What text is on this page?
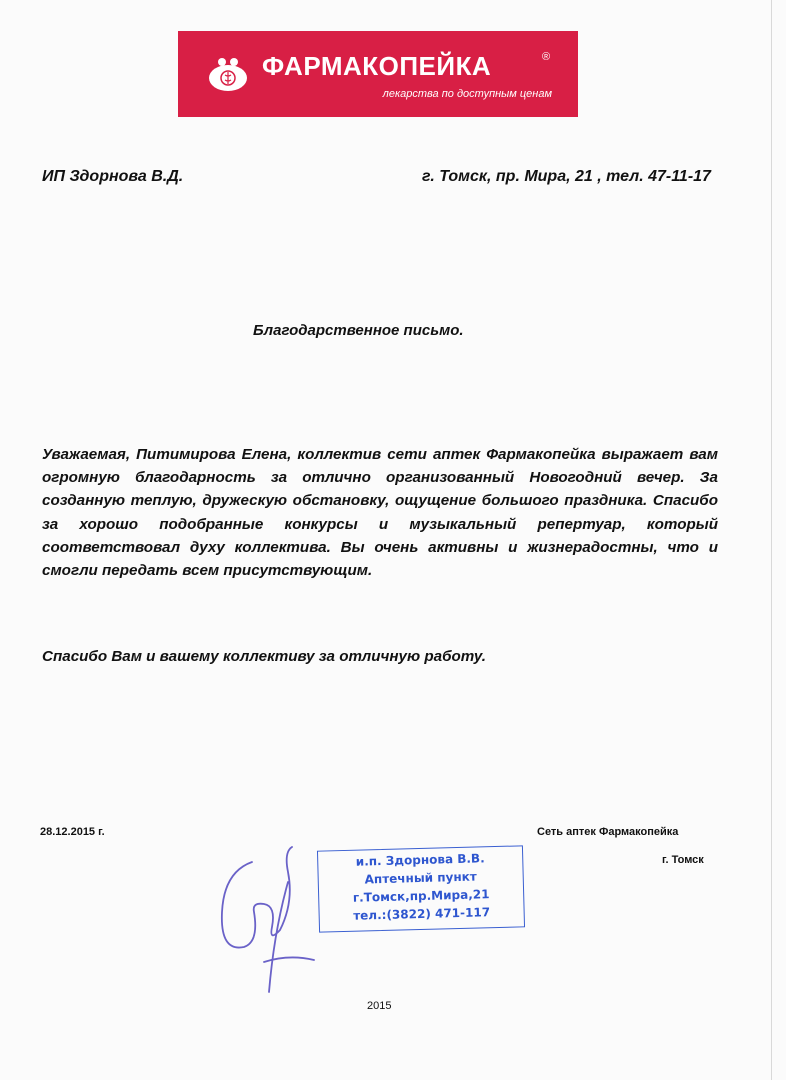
ФАРМАКОПЕЙКА	®
лекарства по доступным ценам
ИП Здорнова В.Д.	г. Томск, пр. Мира, 21 , тел. 47-11-17
Благодарственное письмо.

Уважаемая, Питимирова Елена, коллектив сети аптек Фармакопейка выражает вам огромную благодарность за отлично организованный Новогодний вечер. За созданную теплую, дружескую обстановку, ощущение большого праздника. Спасибо за хорошо подобранные конкурсы и музыкальный репертуар, который соответствовал духу коллектива. Вы очень активны и жизнерадостны, что и смогли передать всем присутствующим.

Спасибо Вам и вашему коллективу за отличную работу.
28.12.2015 г.	Сеть аптек Фармакопейка
г. Томск
и.п. Здорнова В.В.
Аптечный пункт
г.Томск,пр.Мира,21
тел.:(3822) 471-117
2015
